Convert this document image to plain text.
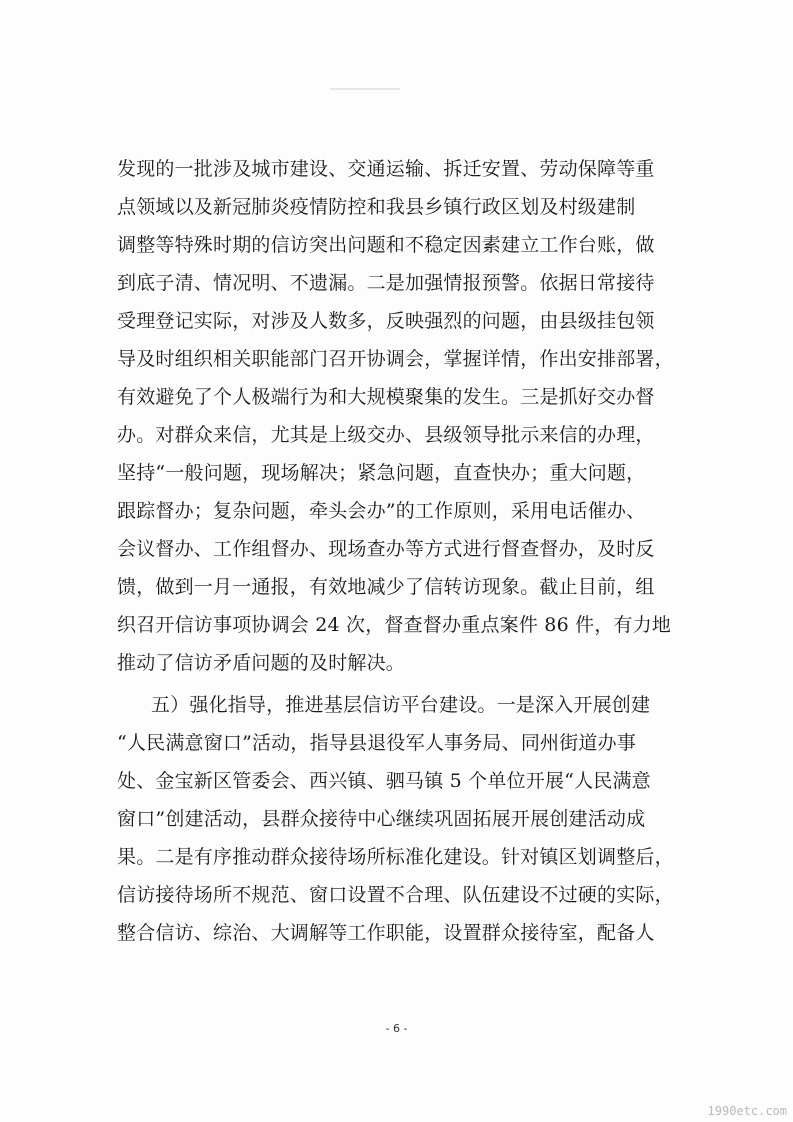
发现的一批涉及城市建设、交通运输、拆迁安置、劳动保障等重
点领域以及新冠肺炎疫情防控和我县乡镇行政区划及村级建制
调整等特殊时期的信访突出问题和不稳定因素建立工作台账，做
到底子清、情况明、不遗漏。二是加强情报预警。依据日常接待
受理登记实际，对涉及人数多，反映强烈的问题，由县级挂包领
导及时组织相关职能部门召开协调会，掌握详情，作出安排部署，
有效避免了个人极端行为和大规模聚集的发生。三是抓好交办督
办。对群众来信，尤其是上级交办、县级领导批示来信的办理，
坚持“一般问题，现场解决；紧急问题，直查快办；重大问题，
跟踪督办；复杂问题，牵头会办”的工作原则，采用电话催办、
会议督办、工作组督办、现场查办等方式进行督查督办，及时反
馈，做到一月一通报，有效地减少了信转访现象。截止目前，组
织召开信访事项协调会 24 次，督查督办重点案件 86 件，有力地
推动了信访矛盾问题的及时解决。
五）强化指导，推进基层信访平台建设。一是深入开展创建
“人民满意窗口”活动，指导县退役军人事务局、同州街道办事
处、金宝新区管委会、西兴镇、驷马镇 5 个单位开展“人民满意
窗口”创建活动，县群众接待中心继续巩固拓展开展创建活动成
果。二是有序推动群众接待场所标准化建设。针对镇区划调整后，
信访接待场所不规范、窗口设置不合理、队伍建设不过硬的实际，
整合信访、综治、大调解等工作职能，设置群众接待室，配备人
- 6 -
1990etc.com
